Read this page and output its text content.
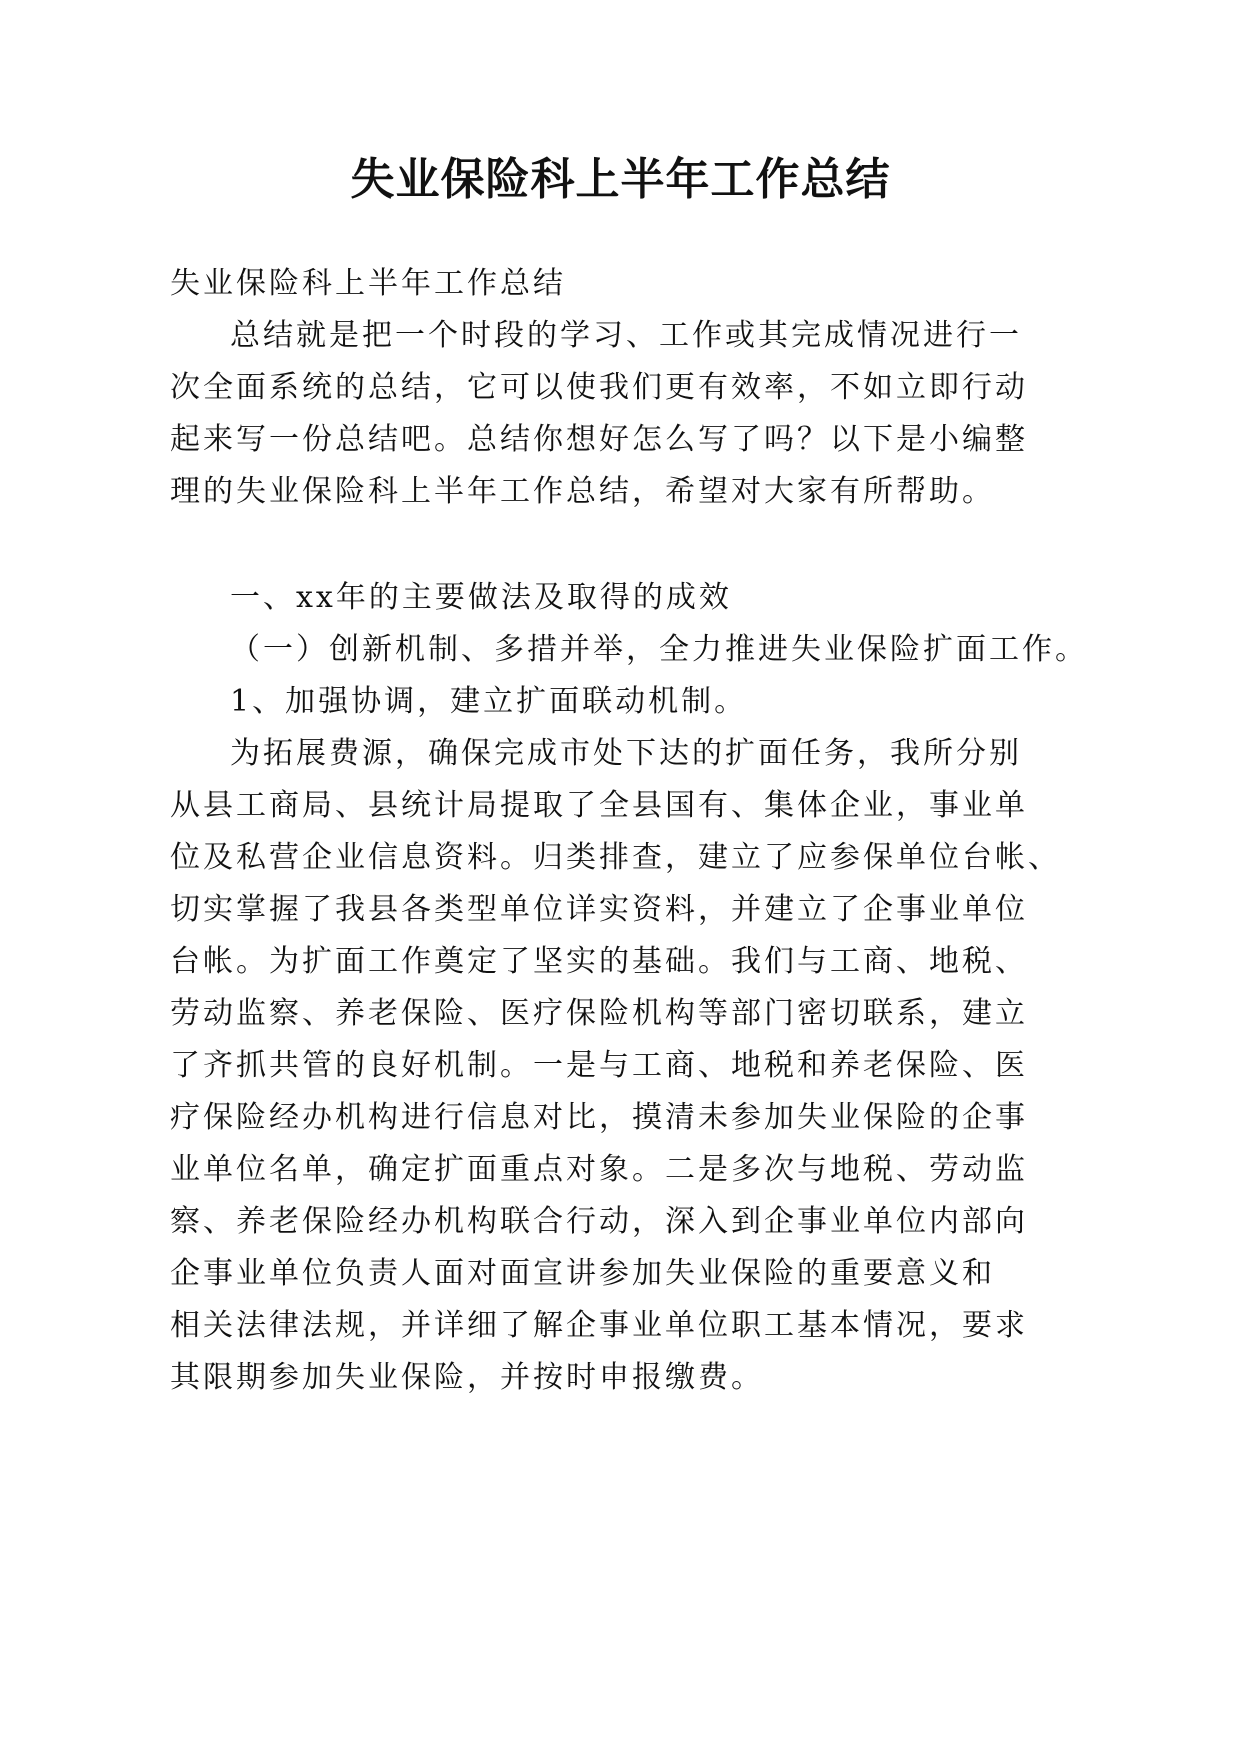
失业保险科上半年工作总结

失业保险科上半年工作总结

总结就是把一个时段的学习、工作或其完成情况进行一

次全面系统的总结，它可以使我们更有效率，不如立即行动

起来写一份总结吧。总结你想好怎么写了吗？以下是小编整

理的失业保险科上半年工作总结，希望对大家有所帮助。

一、xx年的主要做法及取得的成效

（一）创新机制、多措并举，全力推进失业保险扩面工作。

1、加强协调，建立扩面联动机制。

为拓展费源，确保完成市处下达的扩面任务，我所分别

从县工商局、县统计局提取了全县国有、集体企业，事业单

位及私营企业信息资料。归类排查，建立了应参保单位台帐、

切实掌握了我县各类型单位详实资料，并建立了企事业单位

台帐。为扩面工作奠定了坚实的基础。我们与工商、地税、

劳动监察、养老保险、医疗保险机构等部门密切联系，建立

了齐抓共管的良好机制。一是与工商、地税和养老保险、医

疗保险经办机构进行信息对比，摸清未参加失业保险的企事

业单位名单，确定扩面重点对象。二是多次与地税、劳动监

察、养老保险经办机构联合行动，深入到企事业单位内部向

企事业单位负责人面对面宣讲参加失业保险的重要意义和

相关法律法规，并详细了解企事业单位职工基本情况，要求

其限期参加失业保险，并按时申报缴费。
